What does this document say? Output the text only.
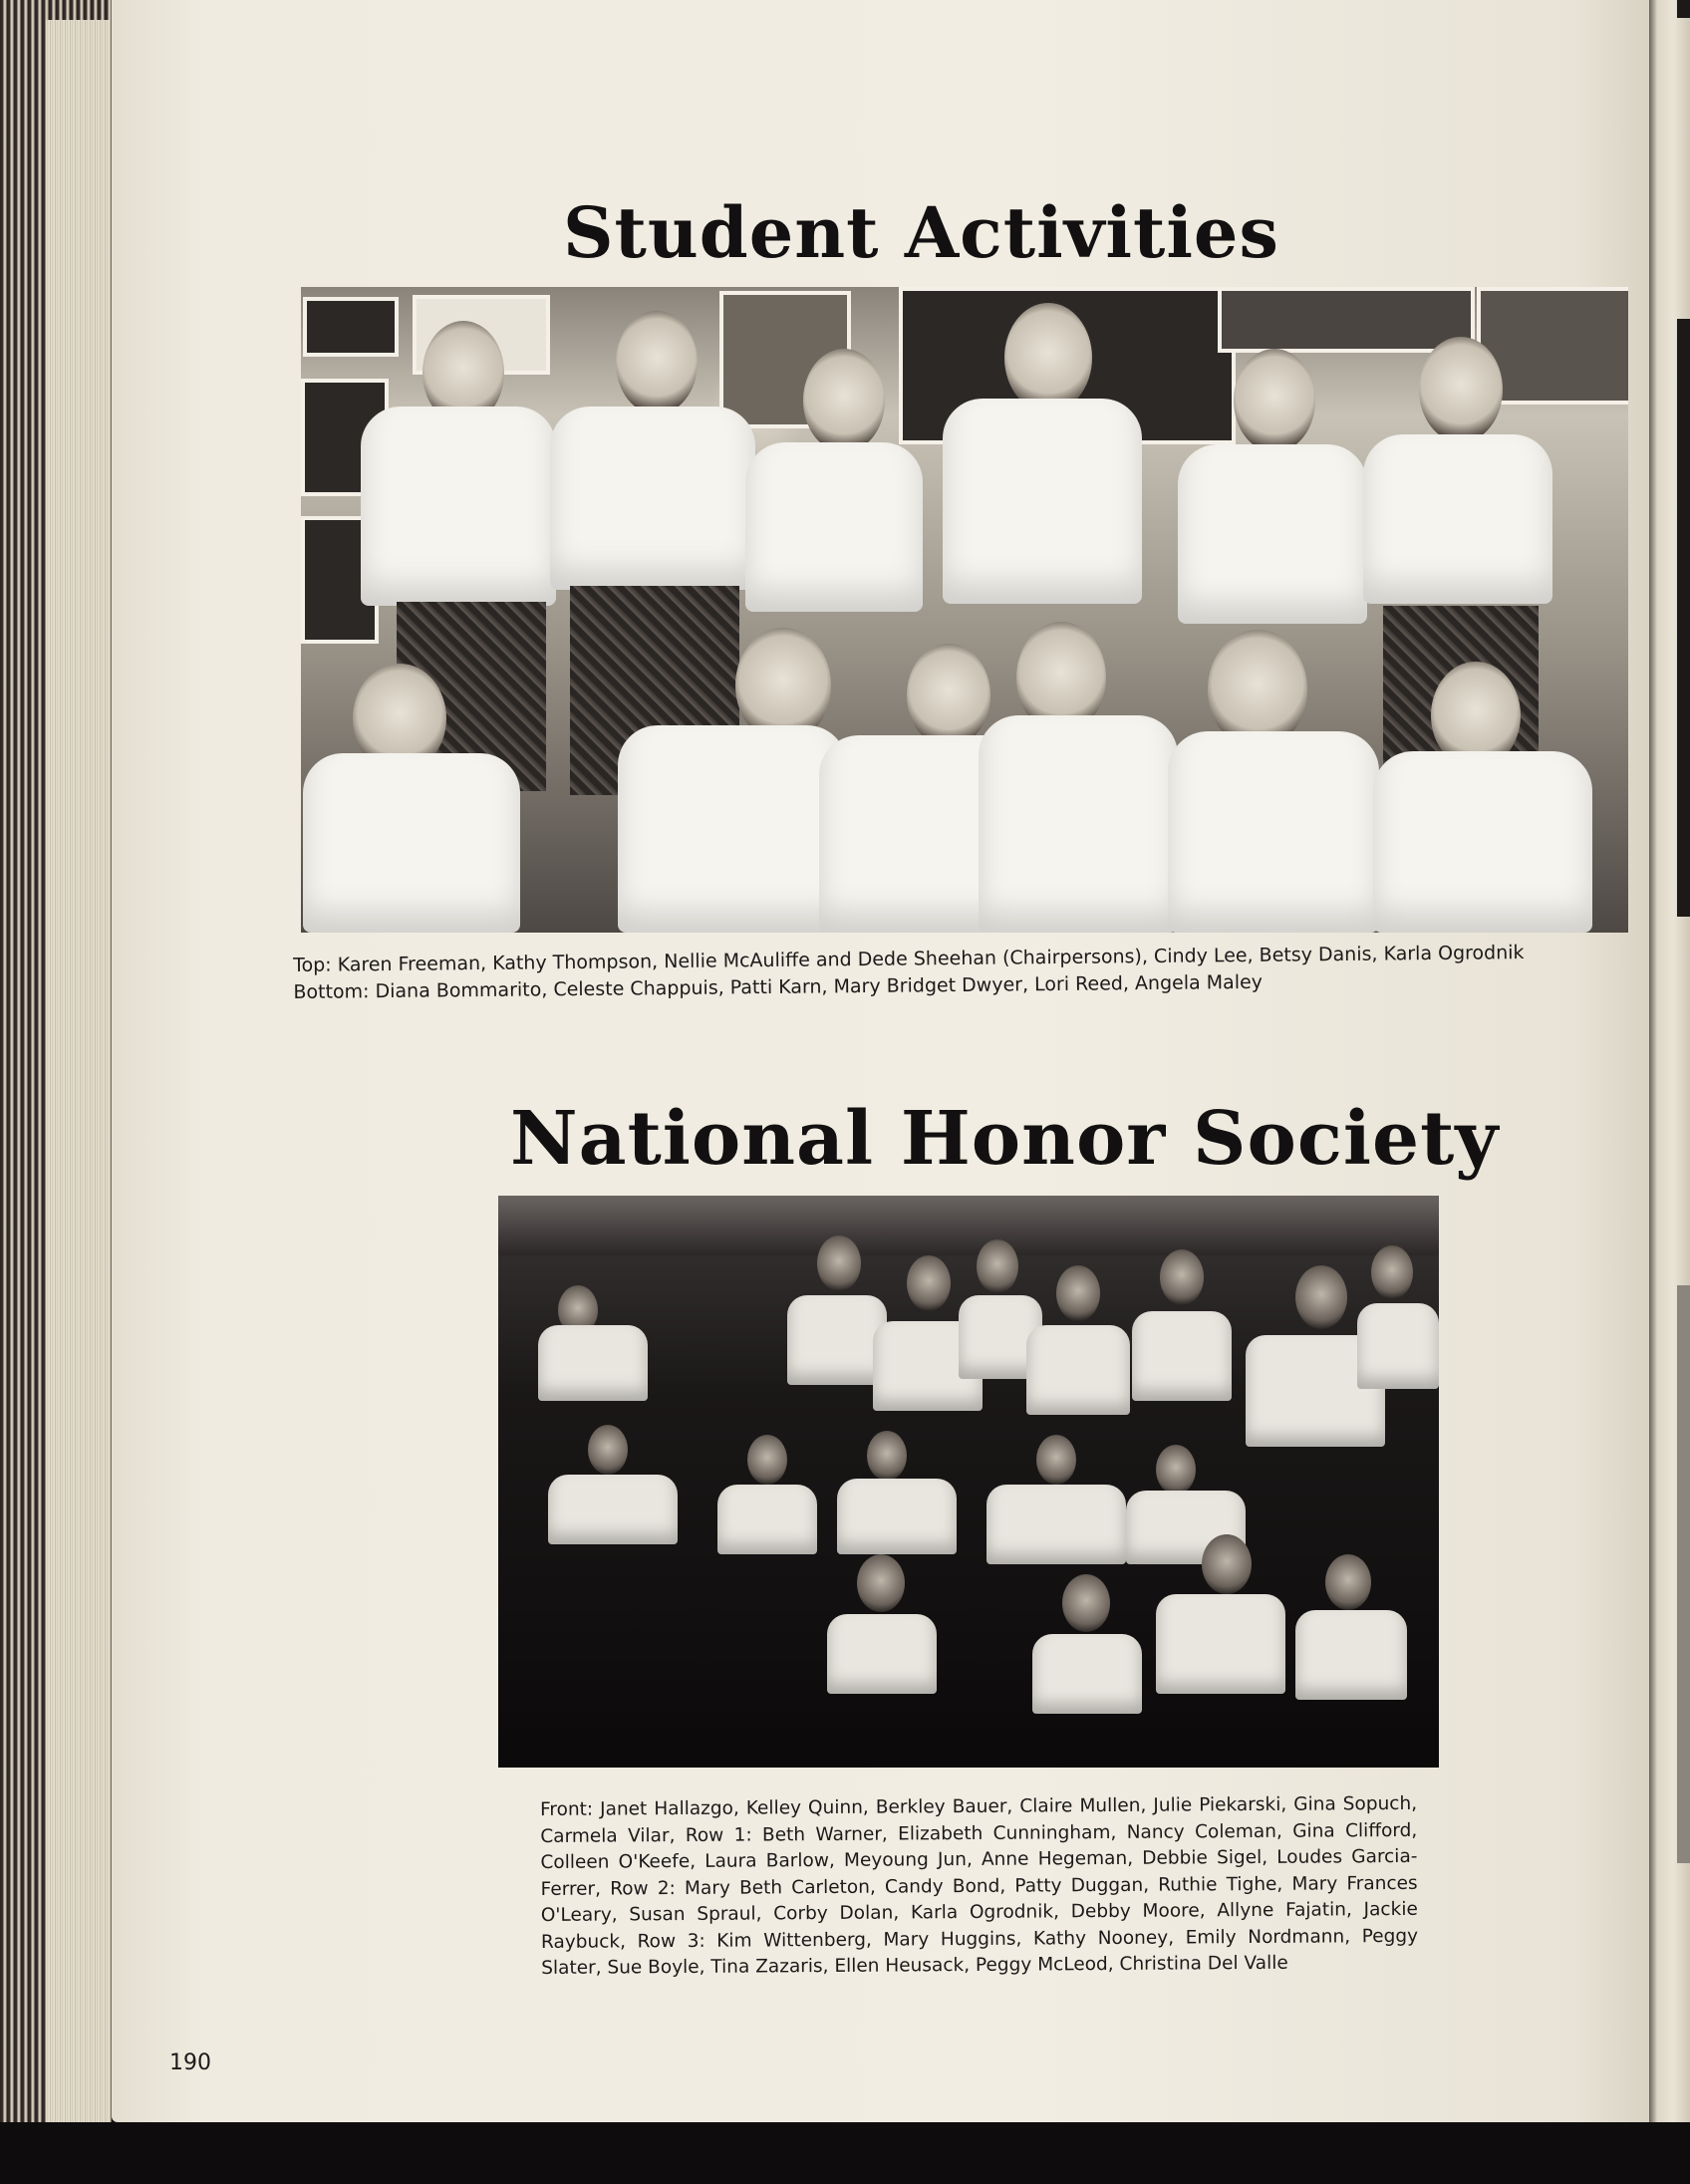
Student Activities
Top: Karen Freeman, Kathy Thompson, Nellie McAuliffe and Dede Sheehan (Chairpersons), Cindy Lee, Betsy Danis, Karla Ogrodnik
Bottom: Diana Bommarito, Celeste Chappuis, Patti Karn, Mary Bridget Dwyer, Lori Reed, Angela Maley
National Honor Society

Front: Janet Hallazgo, Kelley Quinn, Berkley Bauer, Claire Mullen, Julie Piekarski, Gina Sopuch, Carmela Vilar, Row 1: Beth Warner, Elizabeth Cunningham, Nancy Coleman, Gina Clifford, Colleen O'Keefe, Laura Barlow, Meyoung Jun, Anne Hegeman, Debbie Sigel, Loudes Garcia-Ferrer, Row 2: Mary Beth Carleton, Candy Bond, Patty Duggan, Ruthie Tighe, Mary Frances O'Leary, Susan Spraul, Corby Dolan, Karla Ogrodnik, Debby Moore, Allyne Fajatin, Jackie Raybuck, Row 3: Kim Wittenberg, Mary Huggins, Kathy Nooney, Emily Nordmann, Peggy Slater, Sue Boyle, Tina Zazaris, Ellen Heusack, Peggy McLeod, Christina Del Valle

190
